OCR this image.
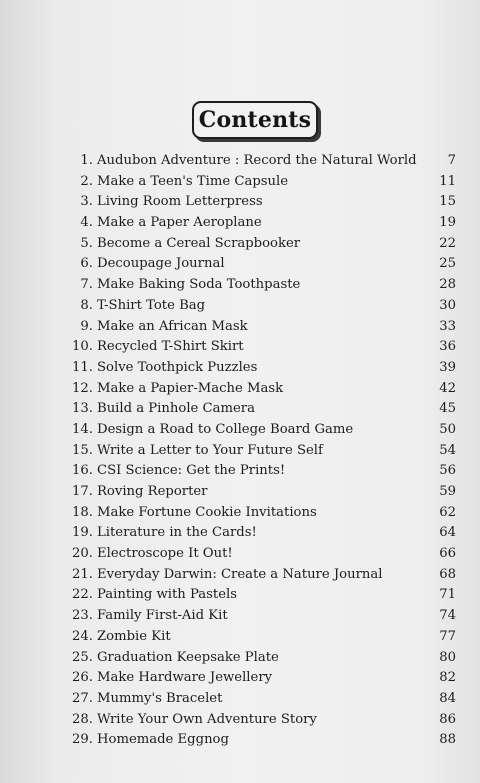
Contents
1. Audubon Adventure : Record the Natural World 7
2. Make a Teen's Time Capsule	11
3. Living Room Letterpress	15
4. Make a Paper Aeroplane	19
5. Become a Cereal Scrapbooker	22
6. Decoupage Journal	25
7. Make Baking Soda Toothpaste	28
8. T-Shirt Tote Bag	30
9. Make an African Mask	33
10. Recycled T-Shirt Skirt	36
11. Solve Toothpick Puzzles	39
12. Make a Papier-Mache Mask	42
13. Build a Pinhole Camera	45
14. Design a Road to College Board Game	50
15. Write a Letter to Your Future Self	54
16. CSI Science: Get the Prints!	56
17. Roving Reporter	59
18. Make Fortune Cookie Invitations	62
19. Literature in the Cards!	64
20. Electroscope It Out!	66
21. Everyday Darwin: Create a Nature Journal	68
22. Painting with Pastels	71
23. Family First-Aid Kit	74
24. Zombie Kit	77
25. Graduation Keepsake Plate	80
26. Make Hardware Jewellery	82
27. Mummy's Bracelet	84
28. Write Your Own Adventure Story	86
29. Homemade Eggnog	88
